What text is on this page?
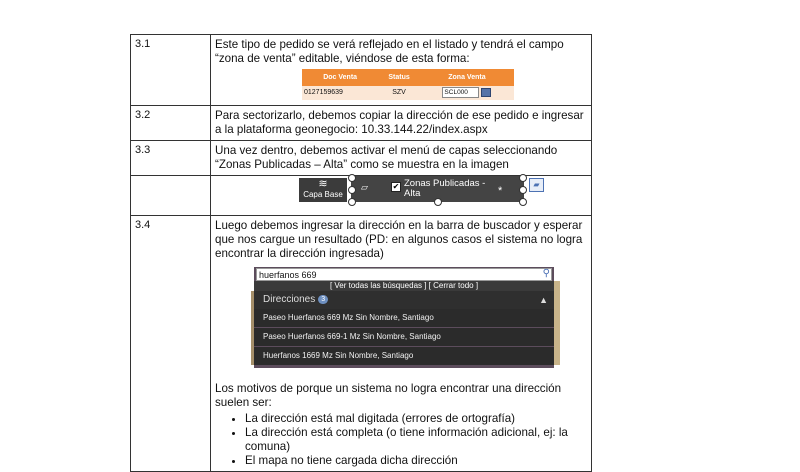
3.1	Este tipo de pedido se verá reflejado en el listado y tendrá el campo “zona de venta” editable, viéndose de esta forma:

Doc Venta	Status	Zona Venta
0127159639	SZV	SCL000

3.2	Para sectorizarlo, debemos copiar la dirección de ese pedido e ingresar a la plataforma geonegocio: 10.33.144.22/index.aspx
3.3	Una vez dentro, debemos activar el menú de capas seleccionando “Zonas Publicadas – Alta” como se muestra en la imagen

≋
Capa Base
▱	✔ Zonas Publicadas -
Alta	*
▰

3.4	Luego debemos ingresar la dirección en la barra de buscador y esperar que nos cargue un resultado (PD: en algunos casos el sistema no logra encontrar la dirección ingresada)

huerfanos 669	⚲
[ Ver todas las búsquedas ] [ Cerrar todo ]
Direcciones 3	▲
Paseo Huerfanos 669 Mz Sin Nombre, Santiago
Paseo Huerfanos 669-1 Mz Sin Nombre, Santiago
Huerfanos 1669 Mz Sin Nombre, Santiago

Los motivos de porque un sistema no logra encontrar una dirección suelen ser:

• La dirección está mal digitada (errores de ortografía)
• La dirección está completa (o tiene información adicional, ej: la comuna)
• El mapa no tiene cargada dicha dirección
